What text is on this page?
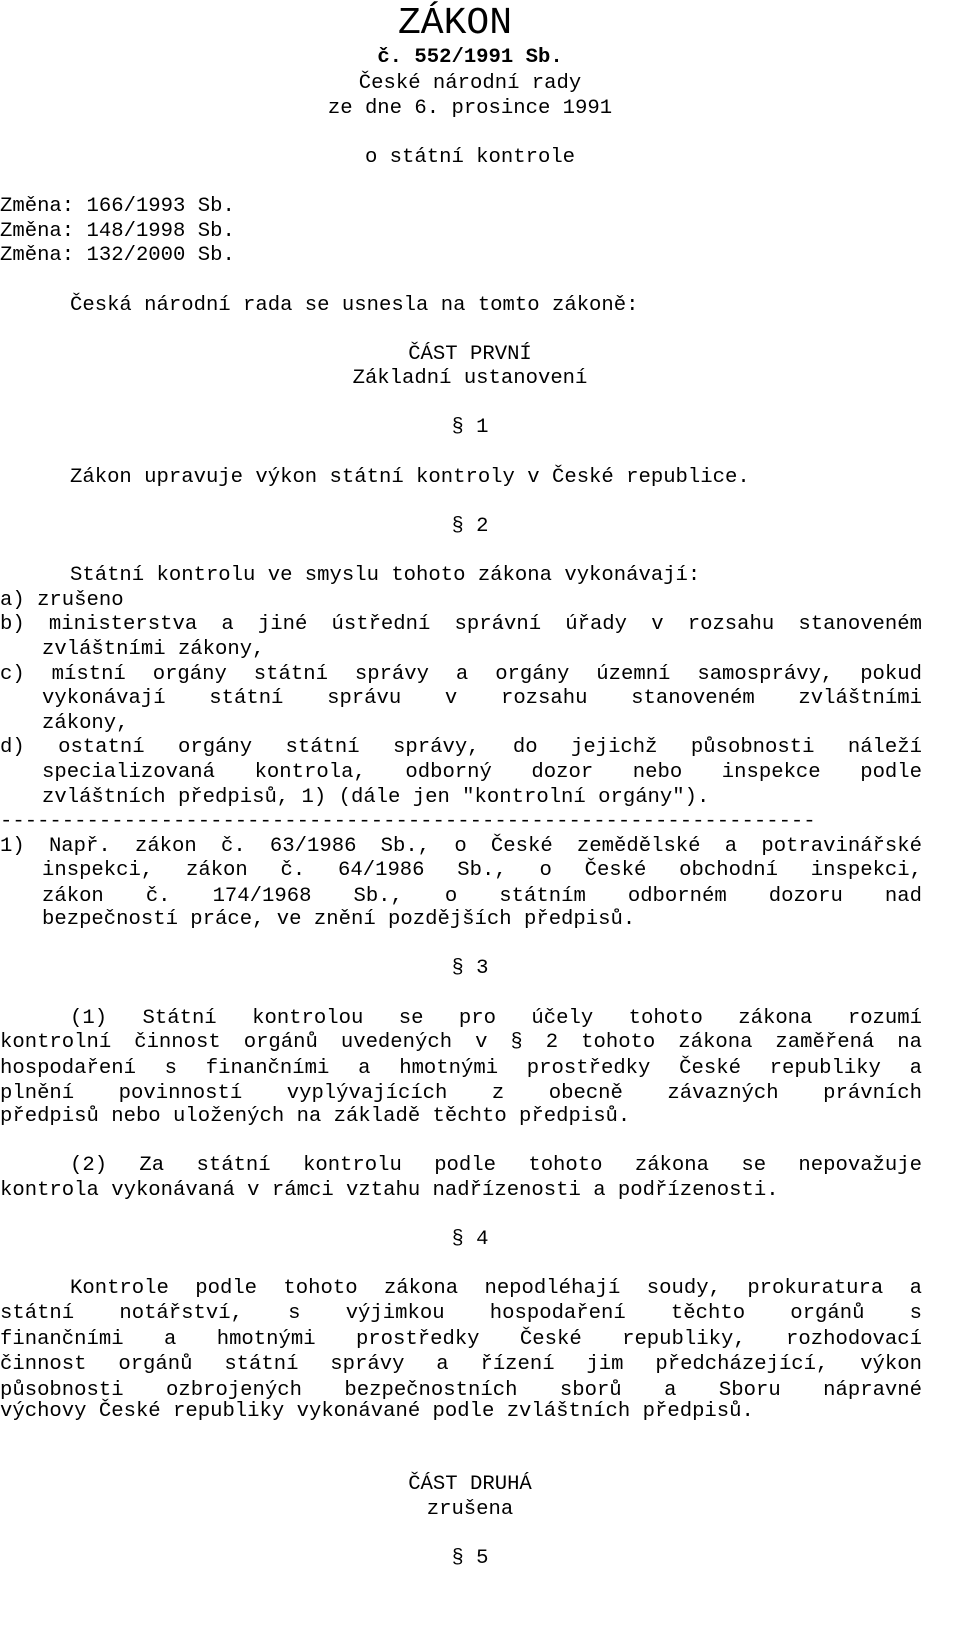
ZÁKON
č. 552/1991 Sb.
České národní rady
ze dne 6. prosince 1991
o státní kontrole
Změna: 166/1993 Sb.
Změna: 148/1998 Sb.
Změna: 132/2000 Sb.
Česká národní rada se usnesla na tomto zákoně:
ČÁST PRVNÍ
Základní ustanovení
§ 1
Zákon upravuje výkon státní kontroly v České republice.
§ 2
Státní kontrolu ve smyslu tohoto zákona vykonávají:
a) zrušeno
b) ministerstva a jiné ústřední správní úřady v rozsahu stanoveném
zvláštními zákony,
c) místní orgány státní správy a orgány územní samosprávy, pokud
vykonávají státní správu v rozsahu stanoveném zvláštními
zákony,
d) ostatní orgány státní správy, do jejichž působnosti náleží
specializovaná kontrola, odborný dozor nebo inspekce podle
zvláštních předpisů, 1) (dále jen "kontrolní orgány").
------------------------------------------------------------------
1) Např. zákon č. 63/1986 Sb., o České zemědělské a potravinářské
inspekci, zákon č. 64/1986 Sb., o České obchodní inspekci,
zákon č. 174/1968 Sb., o státním odborném dozoru nad
bezpečností práce, ve znění pozdějších předpisů.
§ 3
(1) Státní kontrolou se pro účely tohoto zákona rozumí
kontrolní činnost orgánů uvedených v § 2 tohoto zákona zaměřená na
hospodaření s finančními a hmotnými prostředky České republiky a
plnění povinností vyplývajících z obecně závazných právních
předpisů nebo uložených na základě těchto předpisů.
(2) Za státní kontrolu podle tohoto zákona se nepovažuje
kontrola vykonávaná v rámci vztahu nadřízenosti a podřízenosti.
§ 4
Kontrole podle tohoto zákona nepodléhají soudy, prokuratura a
státní notářství, s výjimkou hospodaření těchto orgánů s
finančními a hmotnými prostředky České republiky, rozhodovací
činnost orgánů státní správy a řízení jim předcházející, výkon
působnosti ozbrojených bezpečnostních sborů a Sboru nápravné
výchovy České republiky vykonávané podle zvláštních předpisů.
ČÁST DRUHÁ
zrušena
§ 5
